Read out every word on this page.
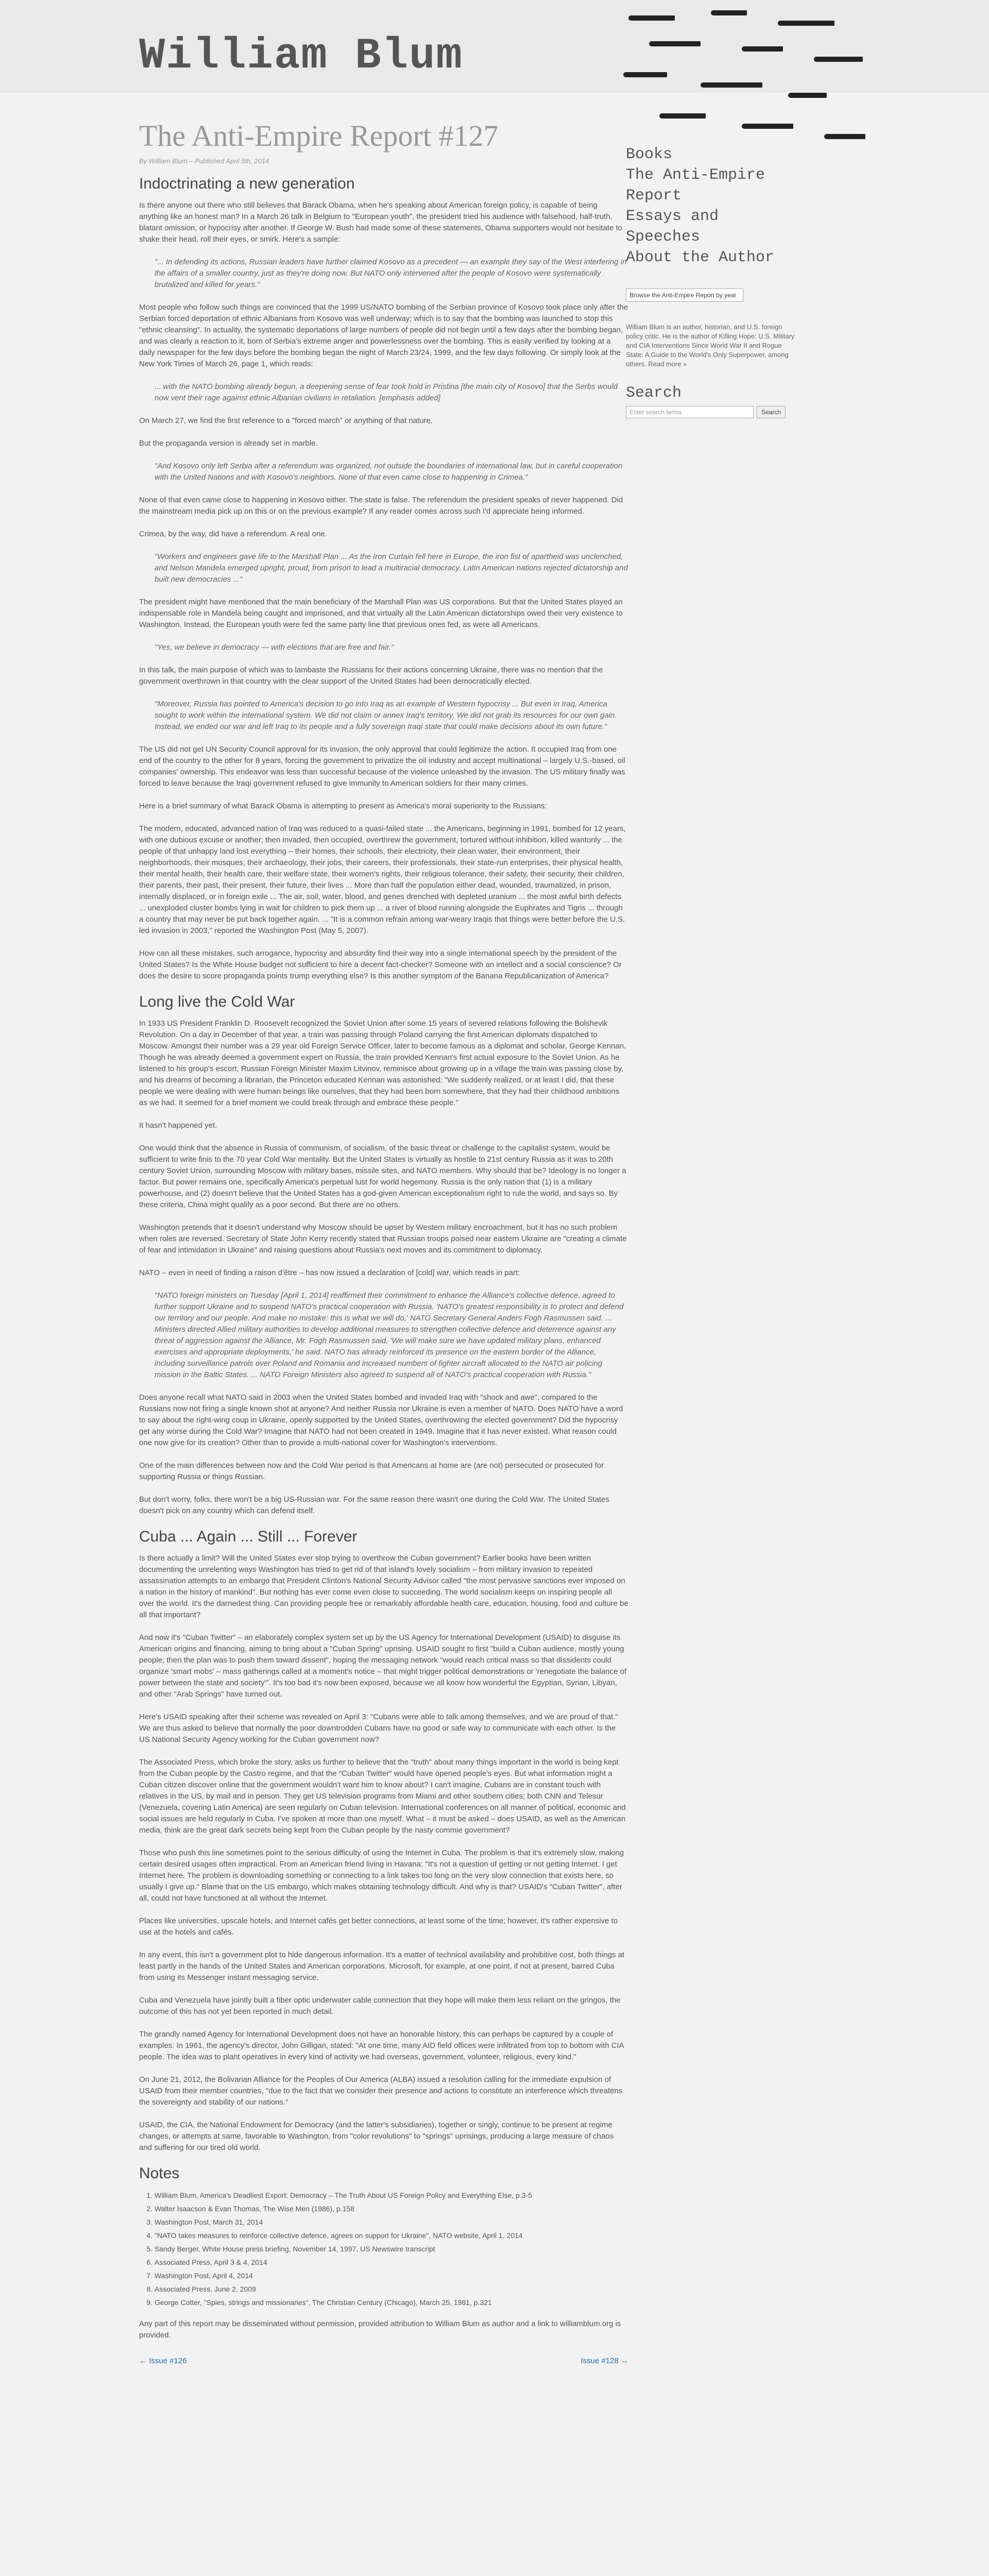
William Blum
The Anti-Empire Report #127
By William Blum – Published April 5th, 2014
Indoctrinating a new generation

Is there anyone out there who still believes that Barack Obama, when he's speaking about American foreign policy, is capable of being anything like an honest man? In a March 26 talk in Belgium to "European youth", the president tried his audience with falsehood, half-truth, blatant omission, or hypocrisy after another. If George W. Bush had made some of these statements, Obama supporters would not hesitate to shake their head, roll their eyes, or smirk. Here's a sample:

"... In defending its actions, Russian leaders have further claimed Kosovo as a precedent — an example they say of the West interfering in the affairs of a smaller country, just as they're doing now. But NATO only intervened after the people of Kosovo were systematically brutalized and killed for years."

Most people who follow such things are convinced that the 1999 US/NATO bombing of the Serbian province of Kosovo took place only after the Serbian forced deportation of ethnic Albanians from Kosovo was well underway; which is to say that the bombing was launched to stop this "ethnic cleansing". In actuality, the systematic deportations of large numbers of people did not begin until a few days after the bombing began, and was clearly a reaction to it, born of Serbia's extreme anger and powerlessness over the bombing. This is easily verified by looking at a daily newspaper for the few days before the bombing began the night of March 23/24, 1999, and the few days following. Or simply look at the New York Times of March 26, page 1, which reads:

... with the NATO bombing already begun, a deepening sense of fear took hold in Pristina [the main city of Kosovo] that the Serbs would now vent their rage against ethnic Albanian civilians in retaliation. [emphasis added]

On March 27, we find the first reference to a "forced march" or anything of that nature.

But the propaganda version is already set in marble.

"And Kosovo only left Serbia after a referendum was organized, not outside the boundaries of international law, but in careful cooperation with the United Nations and with Kosovo's neighbors. None of that even came close to happening in Crimea."

None of that even came close to happening in Kosovo either. The state is false. The referendum the president speaks of never happened. Did the mainstream media pick up on this or on the previous example? If any reader comes across such I'd appreciate being informed.

Crimea, by the way, did have a referendum. A real one.

"Workers and engineers gave life to the Marshall Plan ... As the Iron Curtain fell here in Europe, the iron fist of apartheid was unclenched, and Nelson Mandela emerged upright, proud, from prison to lead a multiracial democracy. Latin American nations rejected dictatorship and built new democracies ..."

The president might have mentioned that the main beneficiary of the Marshall Plan was US corporations. But that the United States played an indispensable role in Mandela being caught and imprisoned, and that virtually all the Latin American dictatorships owed their very existence to Washington. Instead, the European youth were fed the same party line that previous ones fed, as were all Americans.

"Yes, we believe in democracy — with elections that are free and fair."

In this talk, the main purpose of which was to lambaste the Russians for their actions concerning Ukraine, there was no mention that the government overthrown in that country with the clear support of the United States had been democratically elected.

"Moreover, Russia has pointed to America's decision to go into Iraq as an example of Western hypocrisy ... But even in Iraq, America sought to work within the international system. We did not claim or annex Iraq's territory. We did not grab its resources for our own gain. Instead, we ended our war and left Iraq to its people and a fully sovereign Iraqi state that could make decisions about its own future."

The US did not get UN Security Council approval for its invasion, the only approval that could legitimize the action. It occupied Iraq from one end of the country to the other for 8 years, forcing the government to privatize the oil industry and accept multinational – largely U.S.-based, oil companies' ownership. This endeavor was less than successful because of the violence unleashed by the invasion. The US military finally was forced to leave because the Iraqi government refused to give immunity to American soldiers for their many crimes.

Here is a brief summary of what Barack Obama is attempting to present as America's moral superiority to the Russians:

The modern, educated, advanced nation of Iraq was reduced to a quasi-failed state ... the Americans, beginning in 1991, bombed for 12 years, with one dubious excuse or another; then invaded, then occupied, overthrew the government, tortured without inhibition, killed wantonly ... the people of that unhappy land lost everything – their homes, their schools, their electricity, their clean water, their environment, their neighborhoods, their mosques, their archaeology, their jobs, their careers, their professionals, their state-run enterprises, their physical health, their mental health, their health care, their welfare state, their women's rights, their religious tolerance, their safety, their security, their children, their parents, their past, their present, their future, their lives ... More than half the population either dead, wounded, traumatized, in prison, internally displaced, or in foreign exile ... The air, soil, water, blood, and genes drenched with depleted uranium ... the most awful birth defects ... unexploded cluster bombs lying in wait for children to pick them up ... a river of blood running alongside the Euphrates and Tigris ... through a country that may never be put back together again. ... "It is a common refrain among war-weary Iraqis that things were better before the U.S. led invasion in 2003," reported the Washington Post (May 5, 2007).

How can all these mistakes, such arrogance, hypocrisy and absurdity find their way into a single international speech by the president of the United States? Is the White House budget not sufficient to hire a decent fact-checker? Someone with an intellect and a social conscience? Or does the desire to score propaganda points trump everything else? Is this another symptom of the Banana Republicanization of America?

Long live the Cold War

In 1933 US President Franklin D. Roosevelt recognized the Soviet Union after some 15 years of severed relations following the Bolshevik Revolution. On a day in December of that year, a train was passing through Poland carrying the first American diplomats dispatched to Moscow. Amongst their number was a 29 year old Foreign Service Officer, later to become famous as a diplomat and scholar, George Kennan. Though he was already deemed a government expert on Russia, the train provided Kennan's first actual exposure to the Soviet Union. As he listened to his group's escort, Russian Foreign Minister Maxim Litvinov, reminisce about growing up in a village the train was passing close by, and his dreams of becoming a librarian, the Princeton educated Kennan was astonished: "We suddenly realized, or at least I did, that these people we were dealing with were human beings like ourselves, that they had been born somewhere, that they had their childhood ambitions as we had. It seemed for a brief moment we could break through and embrace these people."

It hasn't happened yet.

One would think that the absence in Russia of communism, of socialism, of the basic threat or challenge to the capitalist system, would be sufficient to write finis to the 70 year Cold War mentality. But the United States is virtually as hostile to 21st century Russia as it was to 20th century Soviet Union, surrounding Moscow with military bases, missile sites, and NATO members. Why should that be? Ideology is no longer a factor. But power remains one, specifically America's perpetual lust for world hegemony. Russia is the only nation that (1) is a military powerhouse, and (2) doesn't believe that the United States has a god-given American exceptionalism right to rule the world, and says so. By these criteria, China might qualify as a poor second. But there are no others.

Washington pretends that it doesn't understand why Moscow should be upset by Western military encroachment, but it has no such problem when roles are reversed. Secretary of State John Kerry recently stated that Russian troops poised near eastern Ukraine are "creating a climate of fear and intimidation in Ukraine" and raising questions about Russia's next moves and its commitment to diplomacy.

NATO – even in need of finding a raison d'être – has now issued a declaration of [cold] war, which reads in part:

"NATO foreign ministers on Tuesday [April 1, 2014] reaffirmed their commitment to enhance the Alliance's collective defence, agreed to further support Ukraine and to suspend NATO's practical cooperation with Russia. 'NATO's greatest responsibility is to protect and defend our territory and our people. And make no mistake: this is what we will do,' NATO Secretary General Anders Fogh Rasmussen said. ... Ministers directed Allied military authorities to develop additional measures to strengthen collective defence and deterrence against any threat of aggression against the Alliance, Mr. Fogh Rasmussen said. 'We will make sure we have updated military plans, enhanced exercises and appropriate deployments,' he said. NATO has already reinforced its presence on the eastern border of the Alliance, including surveillance patrols over Poland and Romania and increased numbers of fighter aircraft allocated to the NATO air policing mission in the Baltic States. ... NATO Foreign Ministers also agreed to suspend all of NATO's practical cooperation with Russia."

Does anyone recall what NATO said in 2003 when the United States bombed and invaded Iraq with "shock and awe", compared to the Russians now not firing a single known shot at anyone? And neither Russia nor Ukraine is even a member of NATO. Does NATO have a word to say about the right-wing coup in Ukraine, openly supported by the United States, overthrowing the elected government? Did the hypocrisy get any worse during the Cold War? Imagine that NATO had not been created in 1949. Imagine that it has never existed. What reason could one now give for its creation? Other than to provide a multi-national cover for Washington's interventions.

One of the main differences between now and the Cold War period is that Americans at home are (are not) persecuted or prosecuted for supporting Russia or things Russian.

But don't worry, folks, there won't be a big US-Russian war. For the same reason there wasn't one during the Cold War. The United States doesn't pick on any country which can defend itself.

Cuba ... Again ... Still ... Forever

Is there actually a limit? Will the United States ever stop trying to overthrow the Cuban government? Earlier books have been written documenting the unrelenting ways Washington has tried to get rid of that island's lovely socialism – from military invasion to repeated assassination attempts to an embargo that President Clinton's National Security Advisor called "the most pervasive sanctions ever imposed on a nation in the history of mankind". But nothing has ever come even close to succeeding. The world socialism keeps on inspiring people all over the world. It's the darnedest thing. Can providing people free or remarkably affordable health care, education, housing, food and culture be all that important?

And now it's "Cuban Twitter" – an elaborately complex system set up by the US Agency for International Development (USAID) to disguise its American origins and financing, aiming to bring about a "Cuban Spring" uprising. USAID sought to first "build a Cuban audience, mostly young people; then the plan was to push them toward dissent", hoping the messaging network "would reach critical mass so that dissidents could organize 'smart mobs' – mass gatherings called at a moment's notice – that might trigger political demonstrations or 'renegotiate the balance of power between the state and society'". It's too bad it's now been exposed, because we all know how wonderful the Egyptian, Syrian, Libyan, and other "Arab Springs" have turned out.

Here's USAID speaking after their scheme was revealed on April 3: "Cubans were able to talk among themselves, and we are proud of that." We are thus asked to believe that normally the poor downtrodden Cubans have no good or safe way to communicate with each other. Is the US National Security Agency working for the Cuban government now?

The Associated Press, which broke the story, asks us further to believe that the "truth" about many things important in the world is being kept from the Cuban people by the Castro regime, and that the "Cuban Twitter" would have opened people's eyes. But what information might a Cuban citizen discover online that the government wouldn't want him to know about? I can't imagine. Cubans are in constant touch with relatives in the US, by mail and in person. They get US television programs from Miami and other southern cities; both CNN and Telesur (Venezuela, covering Latin America) are seen regularly on Cuban television. International conferences on all manner of political, economic and social issues are held regularly in Cuba. I've spoken at more than one myself. What – it must be asked – does USAID, as well as the American media, think are the great dark secrets being kept from the Cuban people by the nasty commie government?

Those who push this line sometimes point to the serious difficulty of using the Internet in Cuba. The problem is that it's extremely slow, making certain desired usages often impractical. From an American friend living in Havana: "It's not a question of getting or not getting Internet. I get Internet here. The problem is downloading something or connecting to a link takes too long on the very slow connection that exists here, so usually I give up." Blame that on the US embargo, which makes obtaining technology difficult. And why is that? USAID's "Cuban Twitter", after all, could not have functioned at all without the Internet.

Places like universities, upscale hotels, and Internet cafés get better connections, at least some of the time; however, it's rather expensive to use at the hotels and cafés.

In any event, this isn't a government plot to hide dangerous information. It's a matter of technical availability and prohibitive cost, both things at least partly in the hands of the United States and American corporations. Microsoft, for example, at one point, if not at present, barred Cuba from using its Messenger instant messaging service.

Cuba and Venezuela have jointly built a fiber optic underwater cable connection that they hope will make them less reliant on the gringos, the outcome of this has not yet been reported in much detail.

The grandly named Agency for International Development does not have an honorable history, this can perhaps be captured by a couple of examples: In 1961, the agency's director, John Gilligan, stated: "At one time, many AID field offices were infiltrated from top to bottom with CIA people. The idea was to plant operatives in every kind of activity we had overseas, government, volunteer, religious, every kind."

On June 21, 2012, the Bolivarian Alliance for the Peoples of Our America (ALBA) issued a resolution calling for the immediate expulsion of USAID from their member countries, "due to the fact that we consider their presence and actions to constitute an interference which threatens the sovereignty and stability of our nations."

USAID, the CIA, the National Endowment for Democracy (and the latter's subsidiaries), together or singly, continue to be present at regime changes, or attempts at same, favorable to Washington, from "color revolutions" to "springs" uprisings, producing a large measure of chaos and suffering for our tired old world.

Notes
1. William Blum, America's Deadliest Export: Democracy – The Truth About US Foreign Policy and Everything Else, p.3-5
2. Walter Isaacson & Evan Thomas, The Wise Men (1986), p.158
3. Washington Post, March 31, 2014
4. "NATO takes measures to reinforce collective defence, agrees on support for Ukraine", NATO website, April 1, 2014
5. Sandy Berger, White House press briefing, November 14, 1997, US Newswire transcript
6. Associated Press, April 3 & 4, 2014
7. Washington Post, April 4, 2014
8. Associated Press, June 2, 2009
9. George Cotter, "Spies, strings and missionaries", The Christian Century (Chicago), March 25, 1981, p.321

Any part of this report may be disseminated without permission, provided attribution to William Blum as author and a link to williamblum.org is provided.

← Issue #126	Issue #128 →
Books
The Anti-Empire Report
Essays and Speeches
About the Author
Browse the Anti-Empire Report by year
William Blum is an author, historian, and U.S. foreign policy critic. He is the author of Killing Hope: U.S. Military and CIA Interventions Since World War II and Rogue State: A Guide to the World's Only Superpower, among others. Read more »
Search
Enter search terms	Search
